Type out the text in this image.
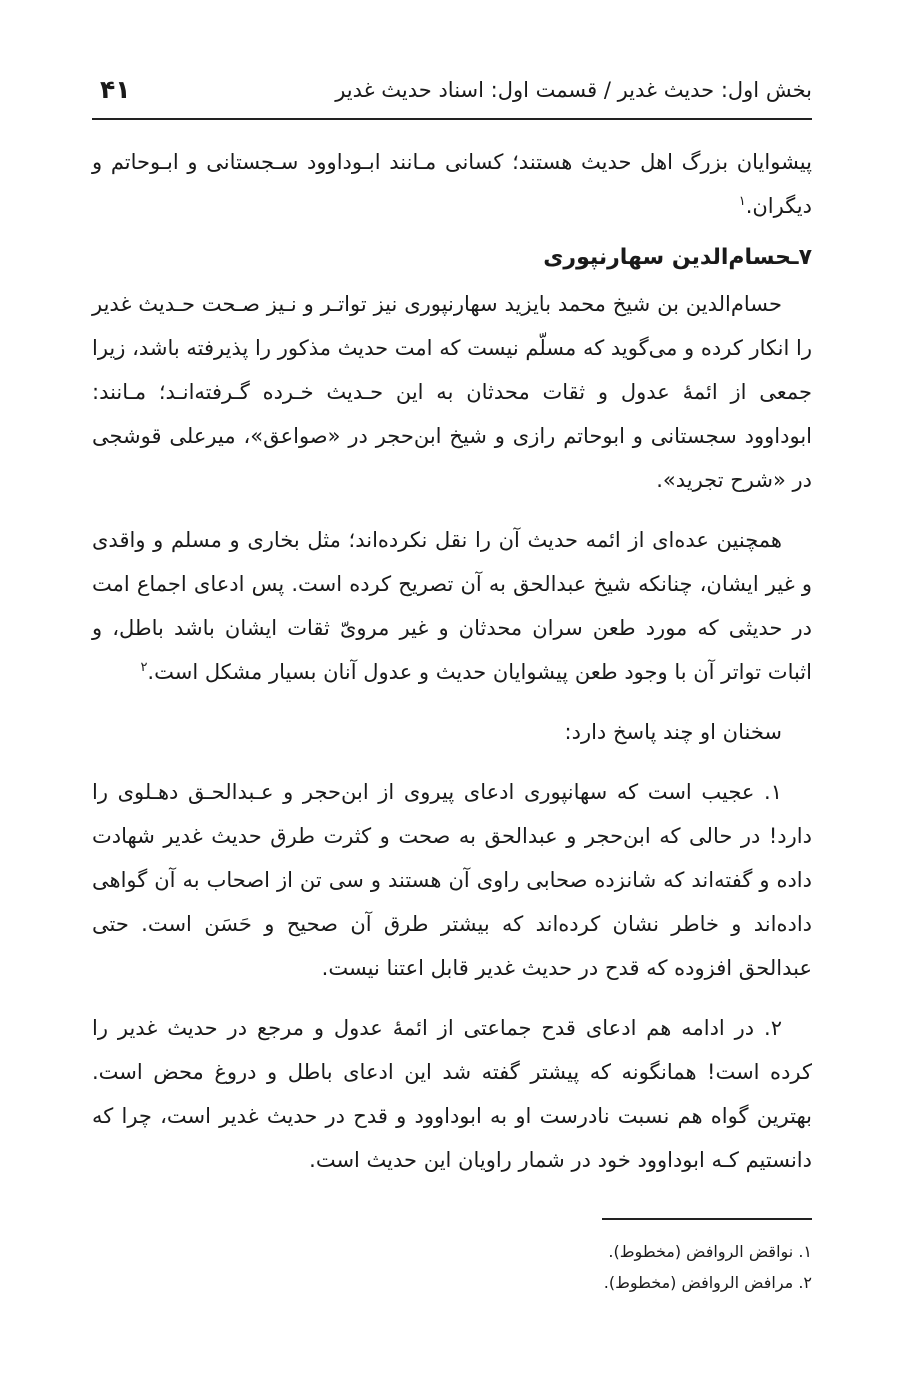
بخش اول: حدیث غدیر / قسمت اول: اسناد حدیث غدیر
۴۱

پیشوایان بزرگ اهل حدیث هستند؛ کسانی مـانند ابـوداوود سـجستانی و ابـوحاتم و دیگران.$^۱$

۷ـحسام‌الدین سهارنپوری

حسام‌الدین بن شیخ محمد بایزید سهارنپوری نیز تواتـر و نـیز صـحت حـدیث غدیر را انکار کرده و می‌گوید که مسلّم نیست که امت حدیث مذکور را پذیرفته باشد، زیرا جمعی از ائمۀ عدول و ثقات محدثان به این حـدیث خـرده گـرفته‌انـد؛ مـانند: ابوداوود سجستانی و ابوحاتم رازی و شیخ ابن‌حجر در «صواعق»، میرعلی قوشجی در «شرح تجرید».

همچنین عده‌ای از ائمه حدیث آن را نقل نکرده‌اند؛ مثل بخاری و مسلم و واقدی و غیر ایشان، چنانکه شیخ عبدالحق به آن تصریح کرده است. پس ادعای اجماع امت در حدیثی که مورد طعن سران محدثان و غیر مرویّ ثقات ایشان باشد باطل، و اثبات تواتر آن با وجود طعن پیشوایان حدیث و عدول آنان بسیار مشکل است.$^۲$

سخنان او چند پاسخ دارد:

۱. عجیب است که سهانپوری ادعای پیروی از ابن‌حجر و عـبدالحـق دهـلوی را دارد! در حالی که ابن‌حجر و عبدالحق به صحت و کثرت طرق حدیث غدیر شهادت داده و گفته‌اند که شانزده صحابی راوی آن هستند و سی تن از اصحاب به آن گواهی داده‌اند و خاطر نشان کرده‌اند که بیشتر طرق آن صحیح و حَسَن است. حتی عبدالحق افزوده که قدح در حدیث غدیر قابل اعتنا نیست.

۲. در ادامه هم ادعای قدح جماعتی از ائمۀ عدول و مرجع در حدیث غدیر را کرده است! همانگونه که پیشتر گفته شد این ادعای باطل و دروغ محض است. بهترین گواه هم نسبت نادرست او به ابوداوود و قدح در حدیث غدیر است، چرا که دانستیم کـه ابوداوود خود در شمار راویان این حدیث است.

۱. نواقض الروافض (مخطوط).
۲. مرافض الروافض (مخطوط).
